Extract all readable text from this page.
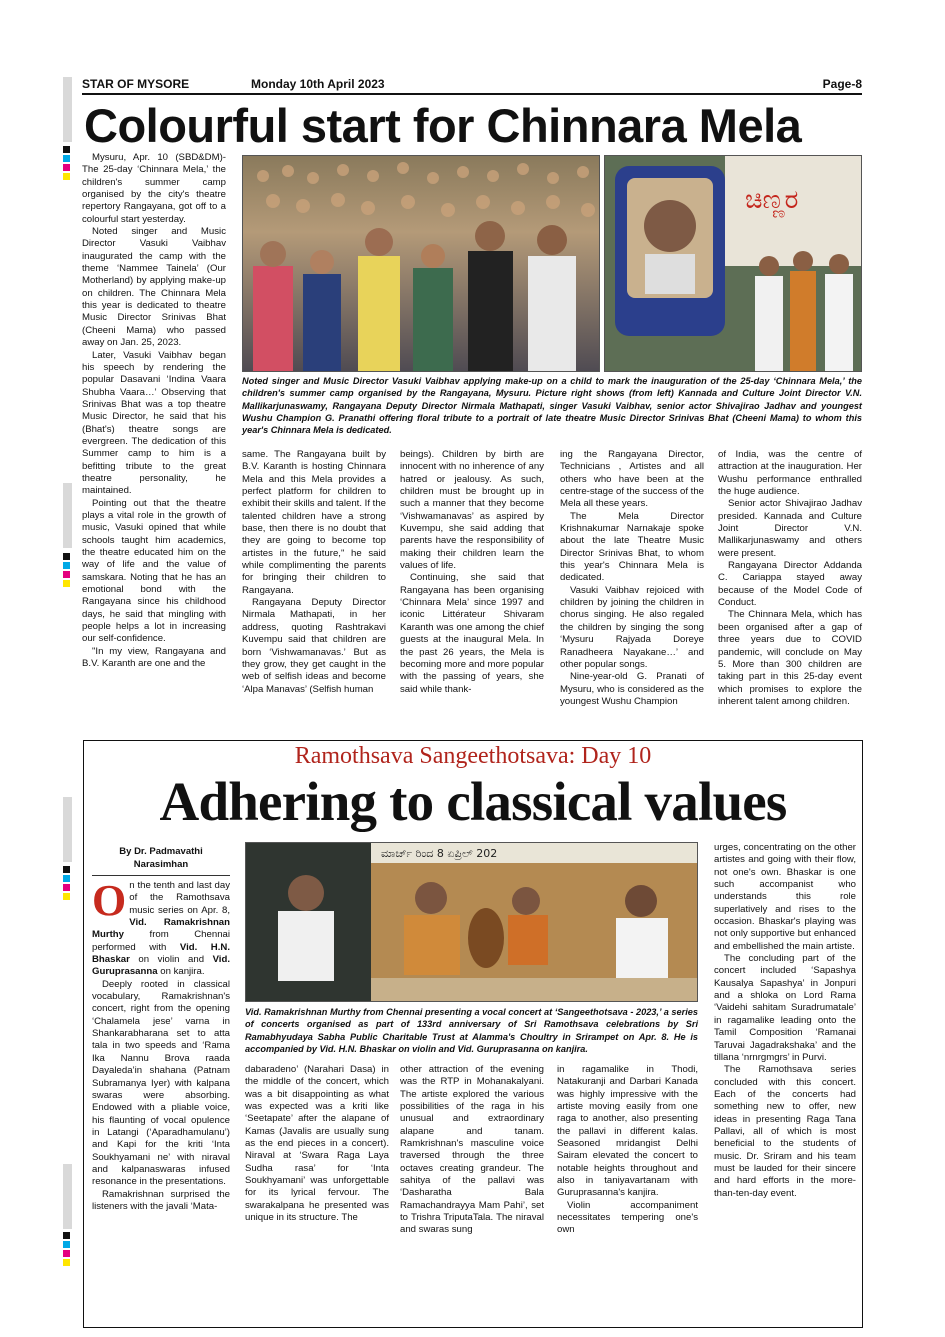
STAR OF MYSORE	Monday 10th April 2023	Page-8
Colourful start for Chinnara Mela

Mysuru, Apr. 10 (SBD&DM)-The 25-day ‘Chinnara Mela,’ the children's summer camp organised by the city's theatre repertory Rangayana, got off to a colourful start yesterday.

Noted singer and Music Director Vasuki Vaibhav inaugurated the camp with the theme ‘Nammee Tainela’ (Our Motherland) by applying make-up on children. The Chinnara Mela this year is dedicated to theatre Music Director Srinivas Bhat (Cheeni Mama) who passed away on Jan. 25, 2023.

Later, Vasuki Vaibhav began his speech by rendering the popular Dasavani ‘Indina Vaara Shubha Vaara…’ Observing that Srinivas Bhat was a top theatre Music Director, he said that his (Bhat's) theatre songs are evergreen. The dedication of this Summer camp to him is a befitting tribute to the great theatre personality, he maintained.

Pointing out that the theatre plays a vital role in the growth of music, Vasuki opined that while schools taught him academics, the theatre educated him on the way of life and the value of samskara. Noting that he has an emotional bond with the Rangayana since his childhood days, he said that mingling with people helps a lot in increasing our self-confidence.

"In my view, Rangayana and B.V. Karanth are one and the

ಚಿಣ್ಣರ
Noted singer and Music Director Vasuki Vaibhav applying make-up on a child to mark the inauguration of the 25-day ‘Chinnara Mela,’ the children's summer camp organised by the Rangayana, Mysuru. Picture right shows (from left) Kannada and Culture Joint Director V.N. Mallikarjunaswamy, Rangayana Deputy Director Nirmala Mathapati, singer Vasuki Vaibhav, senior actor Shivajirao Jadhav and youngest Wushu Champion G. Pranathi offering floral tribute to a portrait of late theatre Music Director Srinivas Bhat (Cheeni Mama) to whom this year's Chinnara Mela is dedicated.

same. The Rangayana built by B.V. Karanth is hosting Chinnara Mela and this Mela provides a perfect platform for children to exhibit their skills and talent. If the talented children have a strong base, then there is no doubt that they are going to become top artistes in the future," he said while complimenting the parents for bringing their children to Rangayana.

Rangayana Deputy Director Nirmala Mathapati, in her address, quoting Rashtrakavi Kuvempu said that children are born ‘Vishwamanavas.’ But as they grow, they get caught in the web of selfish ideas and become ‘Alpa Manavas’ (Selfish human

beings). Children by birth are innocent with no inherence of any hatred or jealousy. As such, children must be brought up in such a manner that they become ‘Vishwamanavas’ as aspired by Kuvempu, she said adding that parents have the responsibility of making their children learn the values of life.

Continuing, she said that Rangayana has been organising ‘Chinnara Mela’ since 1997 and iconic Littérateur Shivaram Karanth was one among the chief guests at the inaugural Mela. In the past 26 years, the Mela is becoming more and more popular with the passing of years, she said while thank-

ing the Rangayana Director, Technicians , Artistes and all others who have been at the centre-stage of the success of the Mela all these years.

The Mela Director Krishnakumar Narnakaje spoke about the late Theatre Music Director Srinivas Bhat, to whom this year's Chinnara Mela is dedicated.

Vasuki Vaibhav rejoiced with children by joining the children in chorus singing. He also regaled the children by singing the song ‘Mysuru Rajyada Doreye Ranadheera Nayakane…’ and other popular songs.

Nine-year-old G. Pranati of Mysuru, who is considered as the youngest Wushu Champion

of India, was the centre of attraction at the inauguration. Her Wushu performance enthralled the huge audience.

Senior actor Shivajirao Jadhav presided. Kannada and Culture Joint Director V.N. Mallikarjunaswamy and others were present.

Rangayana Director Addanda C. Cariappa stayed away because of the Model Code of Conduct.

The Chinnara Mela, which has been organised after a gap of three years due to COVID pandemic, will conclude on May 5. More than 300 children are taking part in this 25-day event which promises to explore the inherent talent among children.

Ramothsava Sangeethotsava: Day 10
Adhering to classical values
By Dr. Padmavathi Narasimhan

On the tenth and last day of the Ramothsava music series on Apr. 8, Vid. Ramakrishnan Murthy from Chennai performed with Vid. H.N. Bhaskar on violin and Vid. Guruprasanna on kanjira.

Deeply rooted in classical vocabulary, Ramakrishnan's concert, right from the opening ‘Chalamela jese’ varna in Shankarabharana set to atta tala in two speeds and ‘Rama Ika Nannu Brova raada Dayaleda’in shahana (Patnam Subramanya Iyer) with kalpana swaras were absorbing. Endowed with a pliable voice, his flaunting of vocal opulence in Latangi (‘Aparadhamulanu’) and Kapi for the kriti ‘Inta Soukhyamani ne’ with niraval and kalpanaswaras infused resonance in the presentations.

Ramakrishnan surprised the listeners with the javali ‘Mata-

ಮಾರ್ಚ್ ರಿಂದ 8 ಏಪ್ರಿಲ್ 202
Vid. Ramakrishnan Murthy from Chennai presenting a vocal concert at ‘Sangeethotsava - 2023,’ a series of concerts organised as part of 133rd anniversary of Sri Ramothsava celebrations by Sri Ramabhyudaya Sabha Public Charitable Trust at Alamma's Choultry in Srirampet on Apr. 8. He is accompanied by Vid. H.N. Bhaskar on violin and Vid. Guruprasanna on kanjira.

dabaradeno’ (Narahari Dasa) in the middle of the concert, which was a bit disappointing as what was expected was a kriti like ‘Seetapate’ after the alapane of Kamas (Javalis are usually sung as the end pieces in a concert). Niraval at ‘Swara Raga Laya Sudha rasa’ for ‘Inta Soukhyamani’ was unforgettable for its lyrical fervour. The swarakalpana he presented was unique in its structure. The

other attraction of the evening was the RTP in Mohanakalyani. The artiste explored the various possibilities of the raga in his unusual and extraordinary alapane and tanam. Ramkrishnan's masculine voice traversed through the three octaves creating grandeur. The sahitya of the pallavi was ‘Dasharatha Bala Ramachandrayya Mam Pahi’, set to Trishra TriputaTala. The niraval and swaras sung

in ragamalike in Thodi, Natakuranji and Darbari Kanada was highly impressive with the artiste moving easily from one raga to another, also presenting the pallavi in different kalas. Seasoned mridangist Delhi Sairam elevated the concert to notable heights throughout and also in taniyavartanam with Guruprasanna's kanjira.

Violin accompaniment necessitates tempering one's own

urges, concentrating on the other artistes and going with their flow, not one's own. Bhaskar is one such accompanist who understands this role superlatively and rises to the occasion. Bhaskar's playing was not only supportive but enhanced and embellished the main artiste.

The concluding part of the concert included ‘Sapashya Kausalya Sapashya’ in Jonpuri and a shloka on Lord Rama ‘Vaidehi sahitam Suradrumatale’ in ragamalike leading onto the Tamil Composition ‘Ramanai Taruvai Jagadrakshaka’ and the tillana ‘nrnrgmgrs’ in Purvi.

The Ramothsava series concluded with this concert. Each of the concerts had something new to offer, new ideas in presenting Raga Tana Pallavi, all of which is most beneficial to the students of music. Dr. Sriram and his team must be lauded for their sincere and hard efforts in the more-than-ten-day event.
